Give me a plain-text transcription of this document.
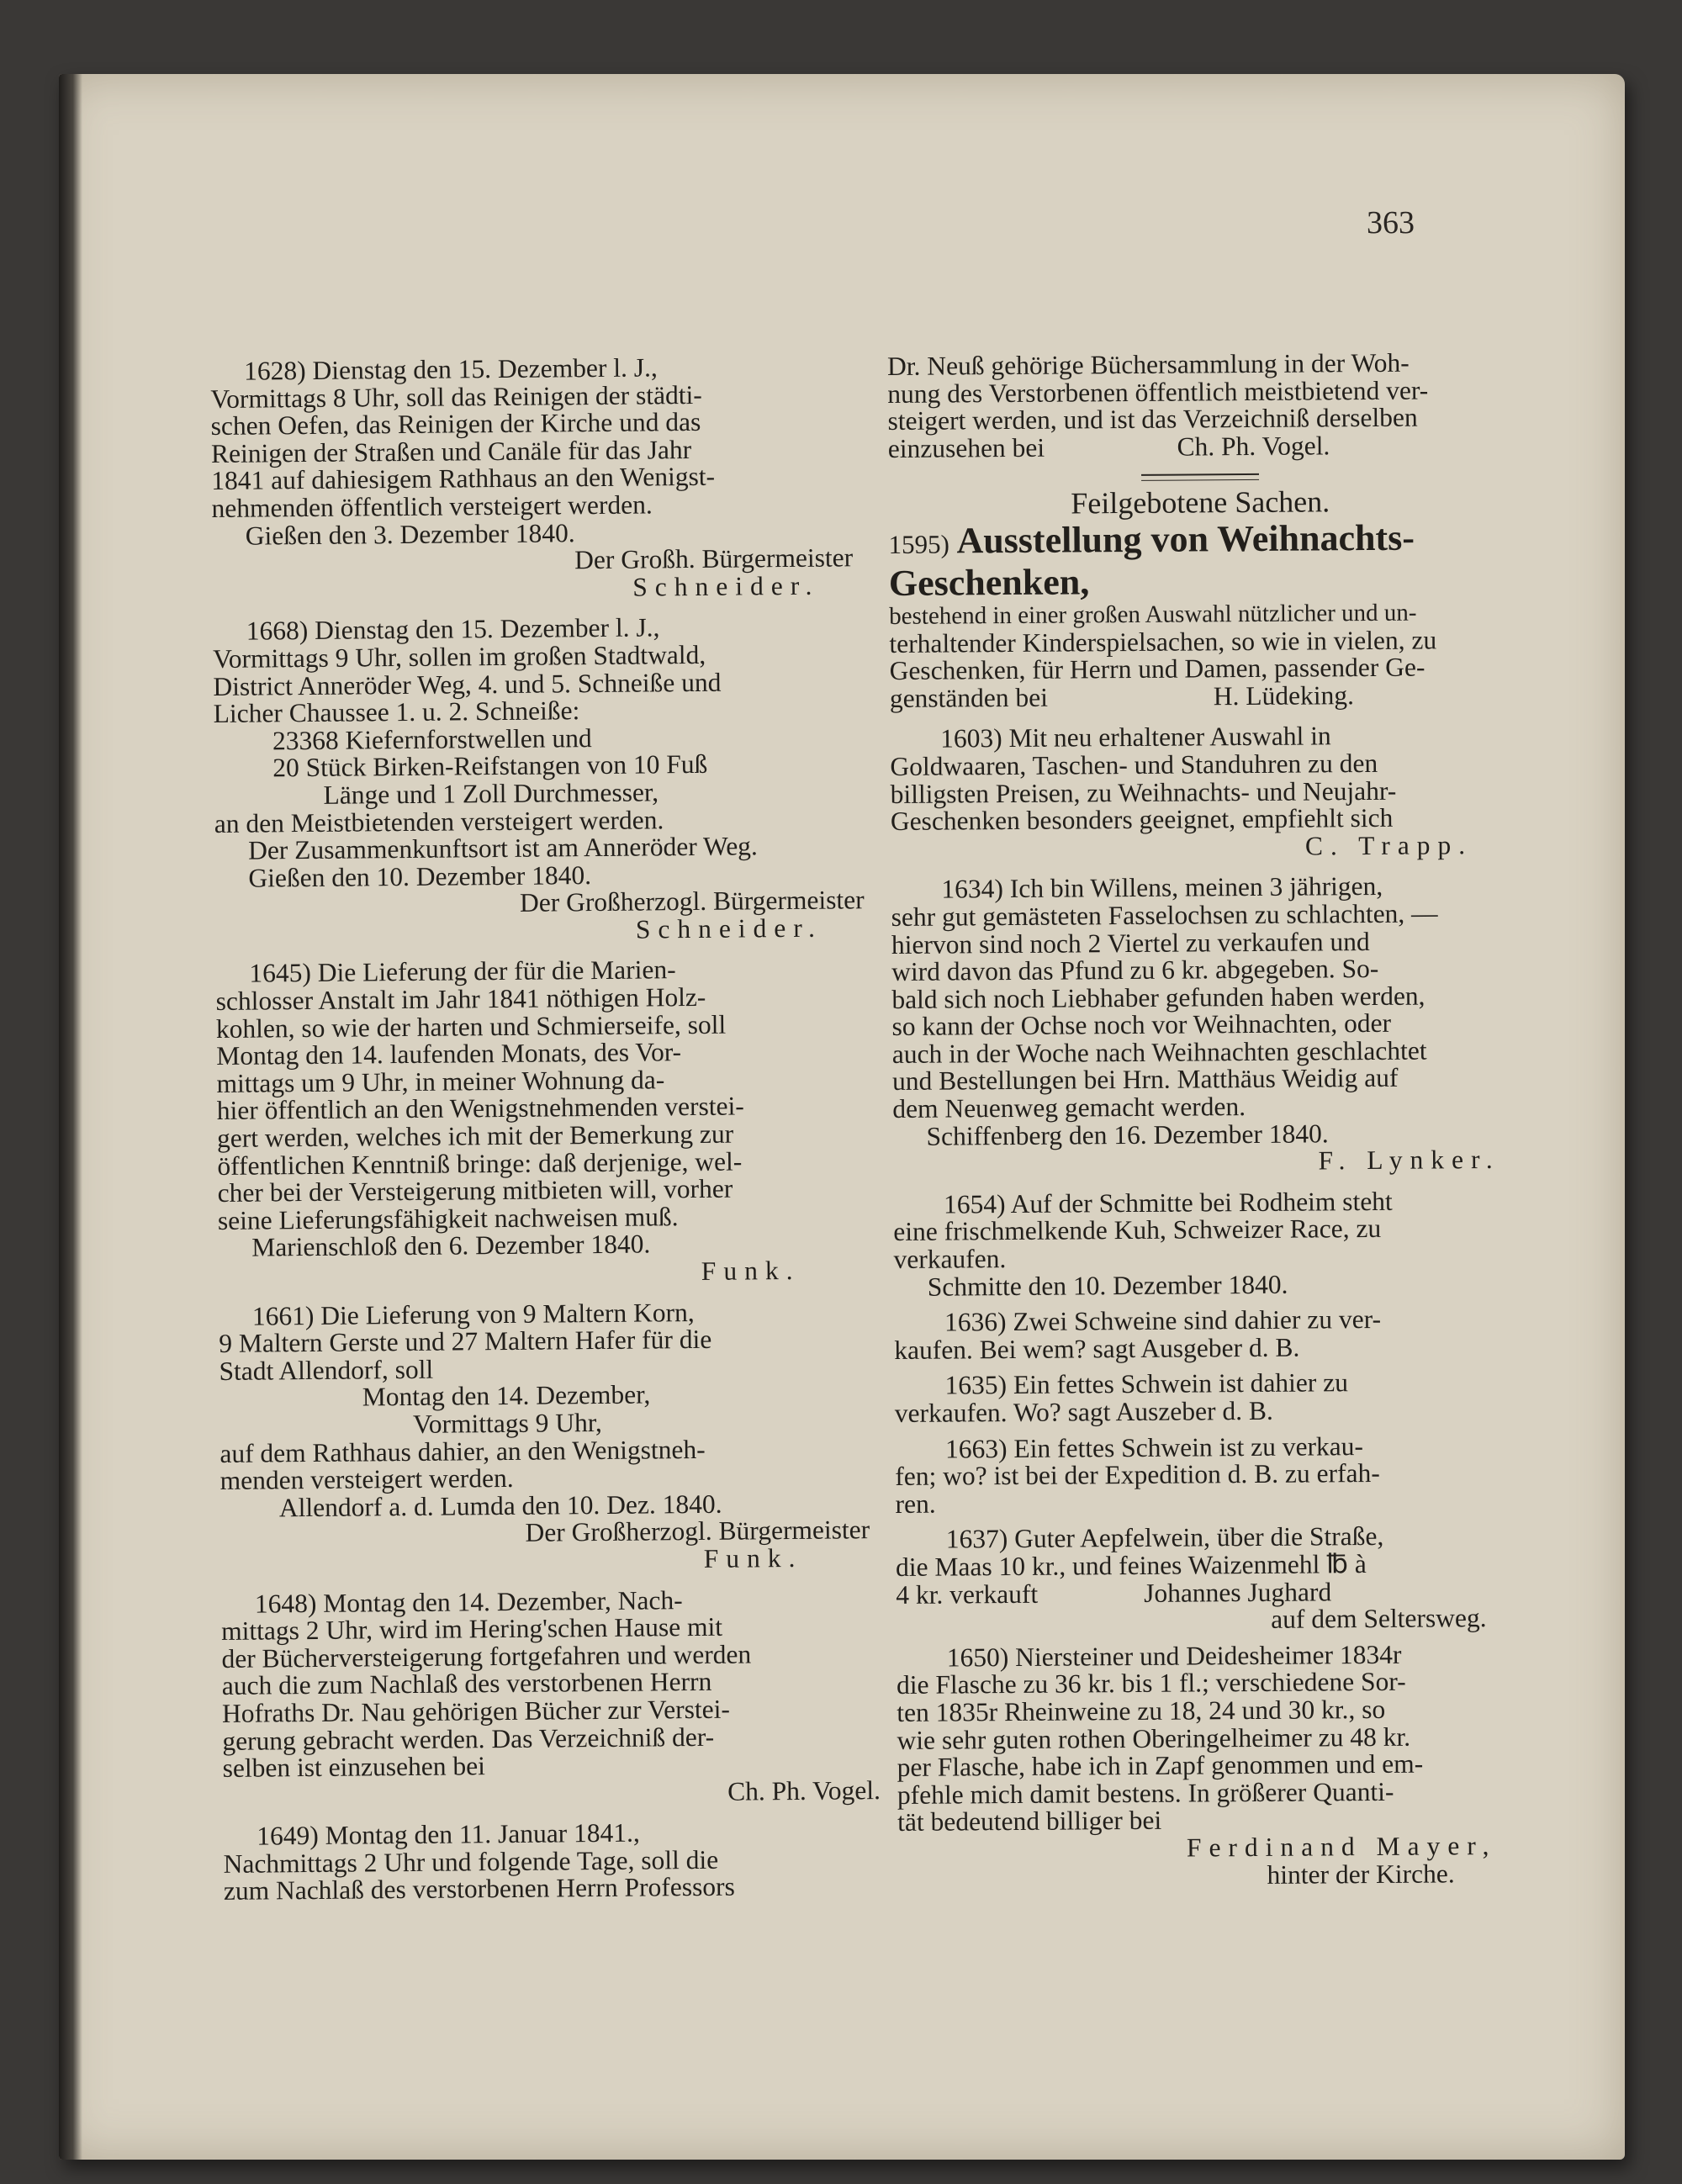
363

1628) Dienstag den 15. Dezember l. J.,

Vormittags 8 Uhr, soll das Reinigen der städti-

schen Oefen, das Reinigen der Kirche und das

Reinigen der Straßen und Canäle für das Jahr

1841 auf dahiesigem Rathhaus an den Wenigst-

nehmenden öffentlich versteigert werden.

Gießen den 3. Dezember 1840.

Der Großh. Bürgermeister

Schneider.

1668) Dienstag den 15. Dezember l. J.,

Vormittags 9 Uhr, sollen im großen Stadtwald,

District Anneröder Weg, 4. und 5. Schneiße und

Licher Chaussee 1. u. 2. Schneiße:

23368 Kiefernforstwellen und

20 Stück Birken-Reifstangen von 10 Fuß

Länge und 1 Zoll Durchmesser,

an den Meistbietenden versteigert werden.

Der Zusammenkunftsort ist am Anneröder Weg.

Gießen den 10. Dezember 1840.

Der Großherzogl. Bürgermeister

Schneider.

1645) Die Lieferung der für die Marien-

schlosser Anstalt im Jahr 1841 nöthigen Holz-

kohlen, so wie der harten und Schmierseife, soll

Montag den 14. laufenden Monats, des Vor-

mittags um 9 Uhr, in meiner Wohnung da-

hier öffentlich an den Wenigstnehmenden verstei-

gert werden, welches ich mit der Bemerkung zur

öffentlichen Kenntniß bringe: daß derjenige, wel-

cher bei der Versteigerung mitbieten will, vorher

seine Lieferungsfähigkeit nachweisen muß.

Marienschloß den 6. Dezember 1840.

Funk.

1661) Die Lieferung von 9 Maltern Korn,

9 Maltern Gerste und 27 Maltern Hafer für die

Stadt Allendorf, soll

Montag den 14. Dezember,

Vormittags 9 Uhr,

auf dem Rathhaus dahier, an den Wenigstneh-

menden versteigert werden.

Allendorf a. d. Lumda den 10. Dez. 1840.

Der Großherzogl. Bürgermeister

Funk.

1648) Montag den 14. Dezember, Nach-

mittags 2 Uhr, wird im Hering'schen Hause mit

der Bücherversteigerung fortgefahren und werden

auch die zum Nachlaß des verstorbenen Herrn

Hofraths Dr. Nau gehörigen Bücher zur Verstei-

gerung gebracht werden. Das Verzeichniß der-

selben ist einzusehen bei

Ch. Ph. Vogel.

1649) Montag den 11. Januar 1841.,

Nachmittags 2 Uhr und folgende Tage, soll die

zum Nachlaß des verstorbenen Herrn Professors

Dr. Neuß gehörige Büchersammlung in der Woh-

nung des Verstorbenen öffentlich meistbietend ver-

steigert werden, und ist das Verzeichniß derselben

einzusehen bei                    Ch. Ph. Vogel.

Feilgebotene Sachen.

1595) Ausstellung von Weihnachts-

Geschenken,

bestehend in einer großen Auswahl nützlicher und un-

terhaltender Kinderspielsachen, so wie in vielen, zu

Geschenken, für Herrn und Damen, passender Ge-

genständen bei                         H. Lüdeking.

1603) Mit neu erhaltener Auswahl in

Goldwaaren, Taschen- und Standuhren zu den

billigsten Preisen, zu Weihnachts- und Neujahr-

Geschenken besonders geeignet, empfiehlt sich

C. Trapp.

1634) Ich bin Willens, meinen 3 jährigen,

sehr gut gemästeten Fasselochsen zu schlachten, —

hiervon sind noch 2 Viertel zu verkaufen und

wird davon das Pfund zu 6 kr. abgegeben. So-

bald sich noch Liebhaber gefunden haben werden,

so kann der Ochse noch vor Weihnachten, oder

auch in der Woche nach Weihnachten geschlachtet

und Bestellungen bei Hrn. Matthäus Weidig auf

dem Neuenweg gemacht werden.

Schiffenberg den 16. Dezember 1840.

F. Lynker.

1654) Auf der Schmitte bei Rodheim steht

eine frischmelkende Kuh, Schweizer Race, zu

verkaufen.

Schmitte den 10. Dezember 1840.

1636) Zwei Schweine sind dahier zu ver-

kaufen. Bei wem? sagt Ausgeber d. B.

1635) Ein fettes Schwein ist dahier zu

verkaufen. Wo? sagt Auszeber d. B.

1663) Ein fettes Schwein ist zu verkau-

fen; wo? ist bei der Expedition d. B. zu erfah-

ren.

1637) Guter Aepfelwein, über die Straße,

die Maas 10 kr., und feines Waizenmehl ℔ à

4 kr. verkauft                Johannes Jughard

auf dem Seltersweg.

1650) Niersteiner und Deidesheimer 1834r

die Flasche zu 36 kr. bis 1 fl.; verschiedene Sor-

ten 1835r Rheinweine zu 18, 24 und 30 kr., so

wie sehr guten rothen Oberingelheimer zu 48 kr.

per Flasche, habe ich in Zapf genommen und em-

pfehle mich damit bestens. In größerer Quanti-

tät bedeutend billiger bei

Ferdinand Mayer,

hinter der Kirche.
